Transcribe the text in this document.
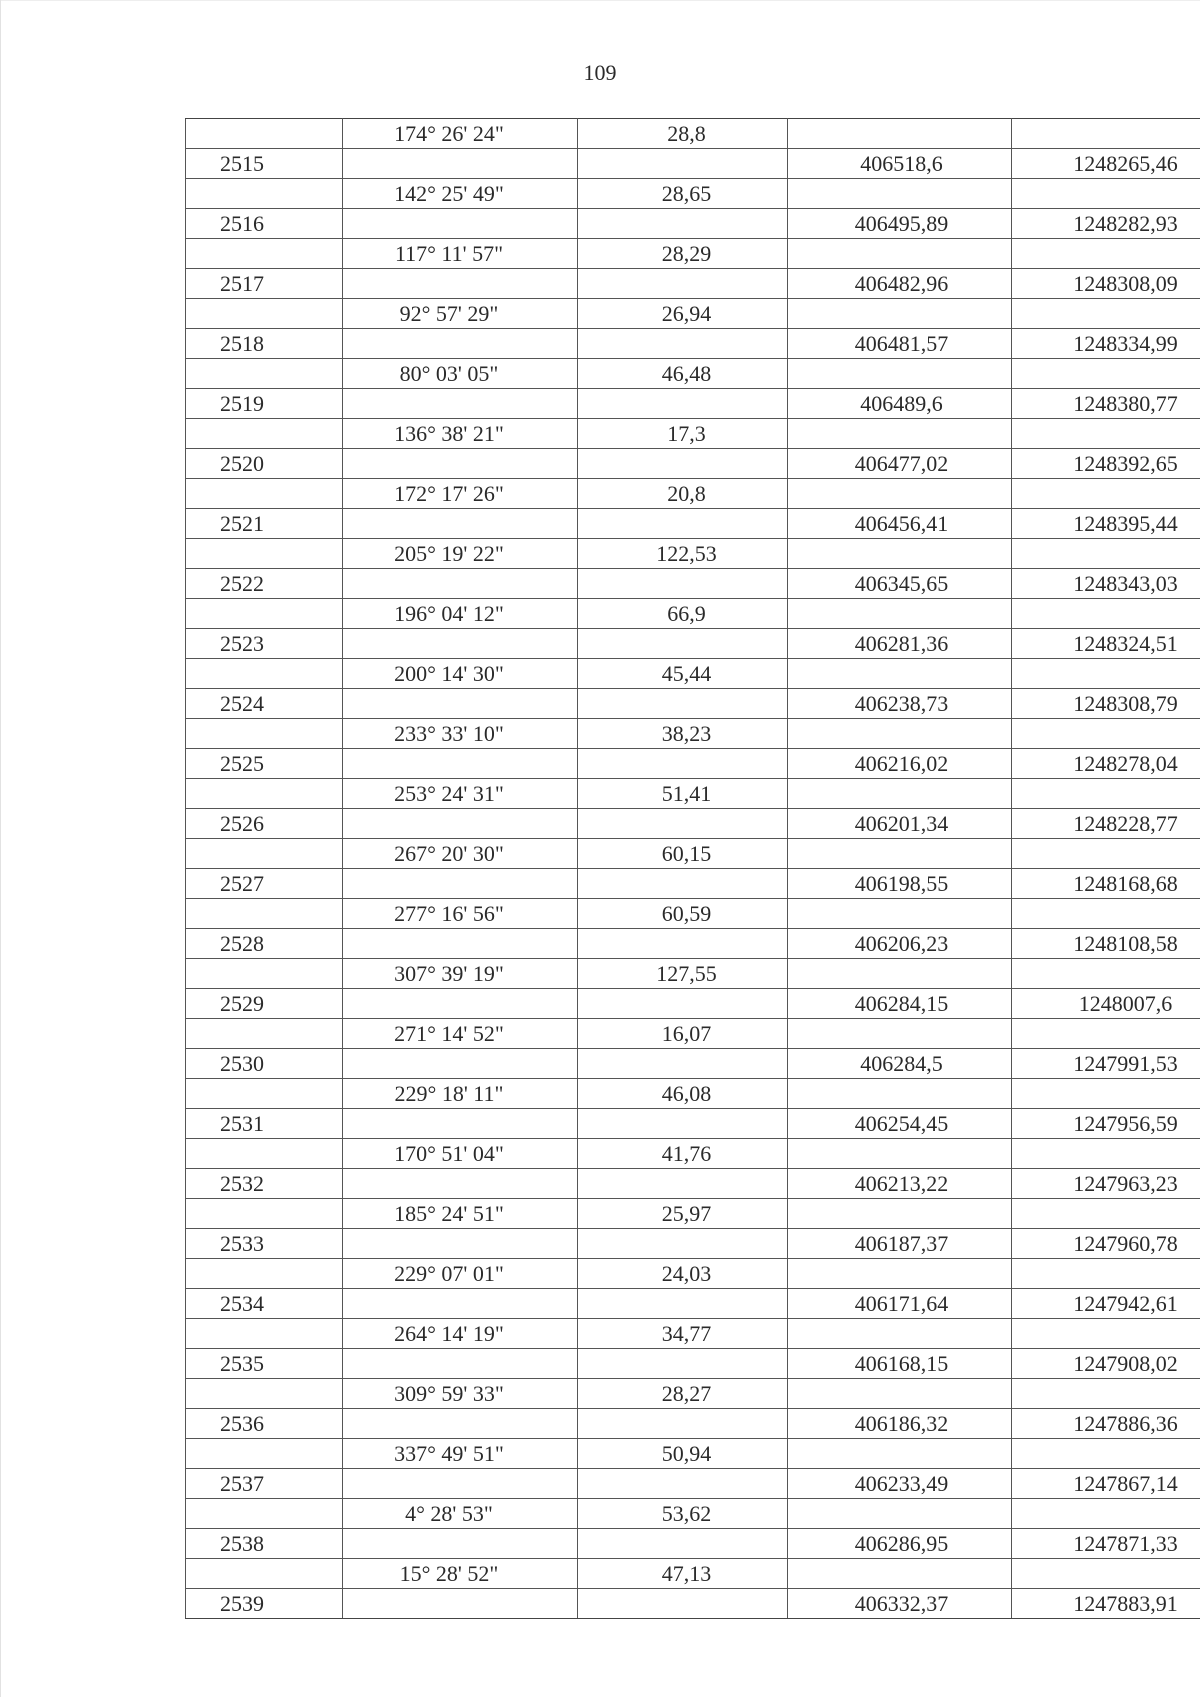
109
	174° 26' 24"	28,8		
2515			406518,6	1248265,46
	142° 25' 49"	28,65		
2516			406495,89	1248282,93
	117° 11' 57"	28,29		
2517			406482,96	1248308,09
	92° 57' 29"	26,94		
2518			406481,57	1248334,99
	80° 03' 05"	46,48		
2519			406489,6	1248380,77
	136° 38' 21"	17,3		
2520			406477,02	1248392,65
	172° 17' 26"	20,8		
2521			406456,41	1248395,44
	205° 19' 22"	122,53		
2522			406345,65	1248343,03
	196° 04' 12"	66,9		
2523			406281,36	1248324,51
	200° 14' 30"	45,44		
2524			406238,73	1248308,79
	233° 33' 10"	38,23		
2525			406216,02	1248278,04
	253° 24' 31"	51,41		
2526			406201,34	1248228,77
	267° 20' 30"	60,15		
2527			406198,55	1248168,68
	277° 16' 56"	60,59		
2528			406206,23	1248108,58
	307° 39' 19"	127,55		
2529			406284,15	1248007,6
	271° 14' 52"	16,07		
2530			406284,5	1247991,53
	229° 18' 11"	46,08		
2531			406254,45	1247956,59
	170° 51' 04"	41,76		
2532			406213,22	1247963,23
	185° 24' 51"	25,97		
2533			406187,37	1247960,78
	229° 07' 01"	24,03		
2534			406171,64	1247942,61
	264° 14' 19"	34,77		
2535			406168,15	1247908,02
	309° 59' 33"	28,27		
2536			406186,32	1247886,36
	337° 49' 51"	50,94		
2537			406233,49	1247867,14
	4° 28' 53"	53,62		
2538			406286,95	1247871,33
	15° 28' 52"	47,13		
2539			406332,37	1247883,91
